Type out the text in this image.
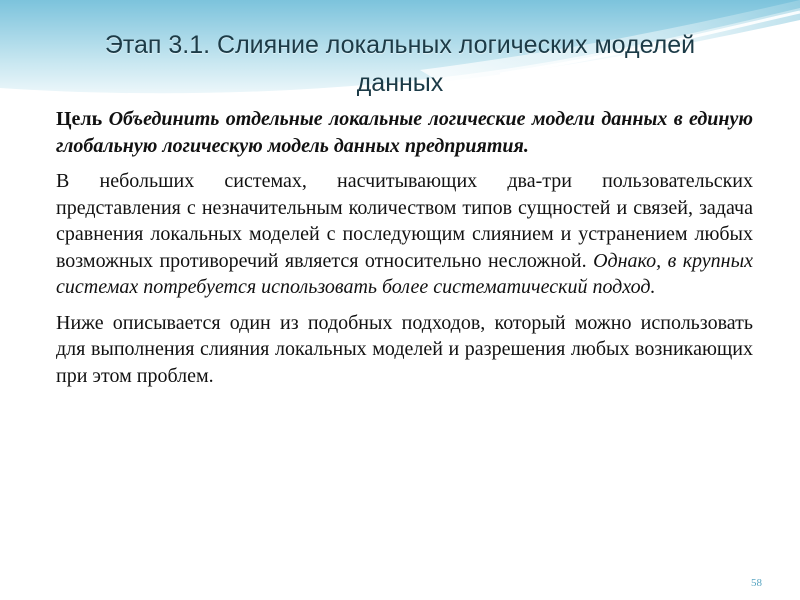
Этап 3.1. Слияние локальных логических моделей данных

Цель Объединить отдельные локальные логические модели данных в единую глобальную логическую модель данных предприятия.

В небольших системах, насчитывающих два-три пользовательских представления с незначительным количеством типов сущностей и связей, задача сравнения локальных моделей с последующим слиянием и устранением любых возможных противоречий является относительно несложной. Однако, в крупных системах потребуется использовать более систематический подход.

Ниже описывается один из подобных подходов, который можно использовать для выполнения слияния локальных моделей и разрешения любых возникающих при этом проблем.

58
